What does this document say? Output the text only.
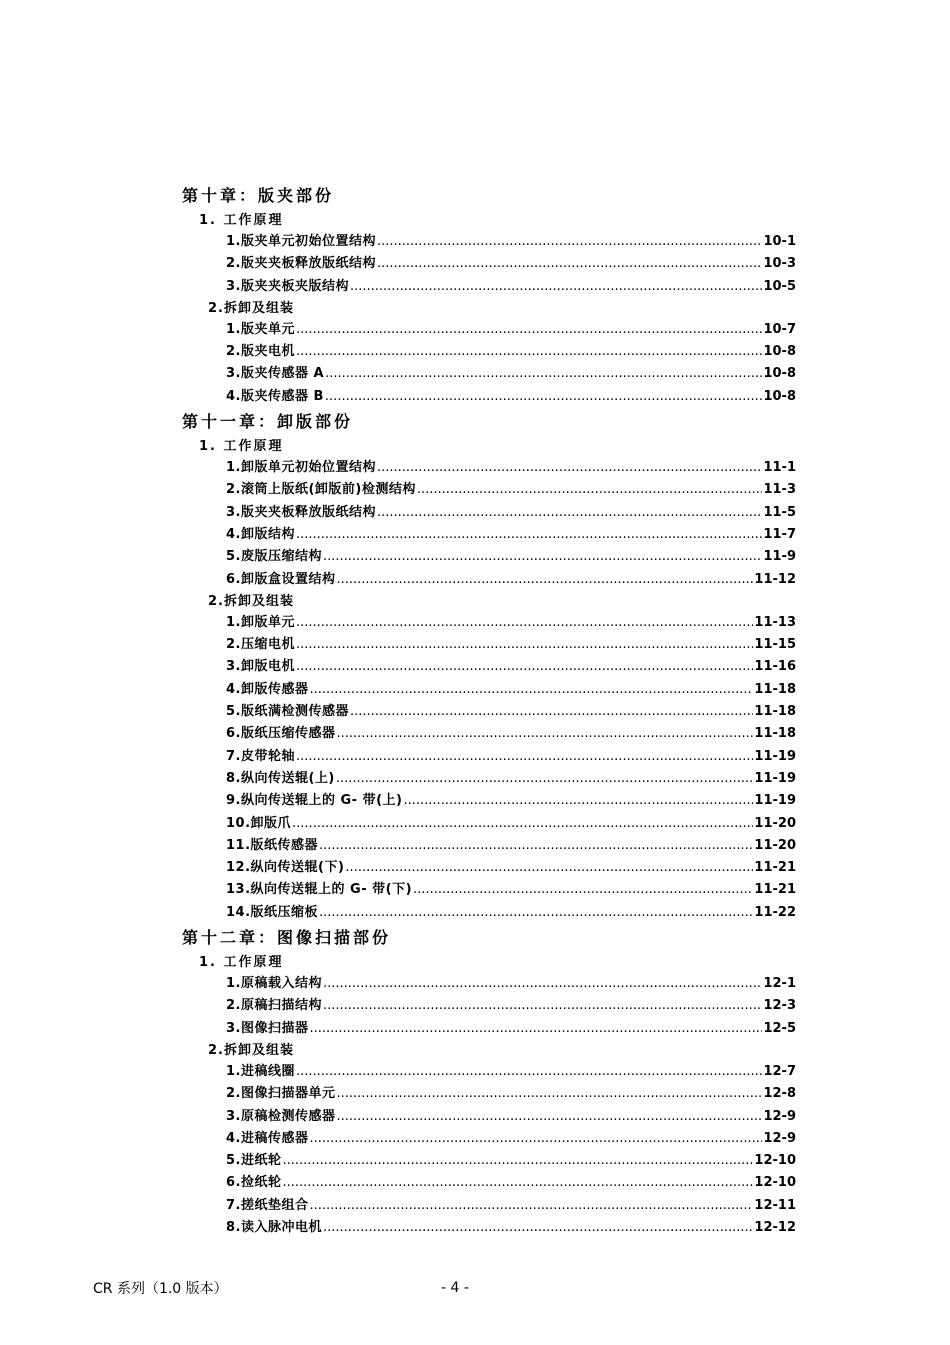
第十章：版夹部份
1. 工作原理
1.版夹单元初始位置结构 .....	10-1
2.版夹夹板释放版纸结构 .....	10-3
3.版夹夹板夹版结构 .....	10-5
2.拆卸及组装
1.版夹单元 .....	10-7
2.版夹电机 .....	10-8
3.版夹传感器 A .....	10-8
4.版夹传感器 B .....	10-8
第十一章：卸版部份
1. 工作原理
1.卸版单元初始位置结构 .....	11-1
2.滚筒上版纸(卸版前)检测结构 .....	11-3
3.版夹夹板释放版纸结构 .....	11-5
4.卸版结构 .....	11-7
5.废版压缩结构 .....	11-9
6.卸版盒设置结构 .....	11-12
2.拆卸及组装
1.卸版单元 .....	11-13
2.压缩电机 .....	11-15
3.卸版电机 .....	11-16
4.卸版传感器 .....	11-18
5.版纸满检测传感器 .....	11-18
6.版纸压缩传感器 .....	11-18
7.皮带轮轴 .....	11-19
8.纵向传送辊(上) .....	11-19
9.纵向传送辊上的 G- 带(上) .....	11-19
10.卸版爪 .....	11-20
11.版纸传感器 .....	11-20
12.纵向传送辊(下) .....	11-21
13.纵向传送辊上的 G- 带(下) .....	11-21
14.版纸压缩板 .....	11-22
第十二章：图像扫描部份
1. 工作原理
1.原稿载入结构 .....	12-1
2.原稿扫描结构 .....	12-3
3.图像扫描器 .....	12-5
2.拆卸及组装
1.进稿线圈 .....	12-7
2.图像扫描器单元 .....	12-8
3.原稿检测传感器 .....	12-9
4.进稿传感器 .....	12-9
5.进纸轮 .....	12-10
6.捡纸轮 .....	12-10
7.搓纸垫组合 .....	12-11
8.读入脉冲电机 .....	12-12
CR 系列（1.0 版本）	- 4 -
